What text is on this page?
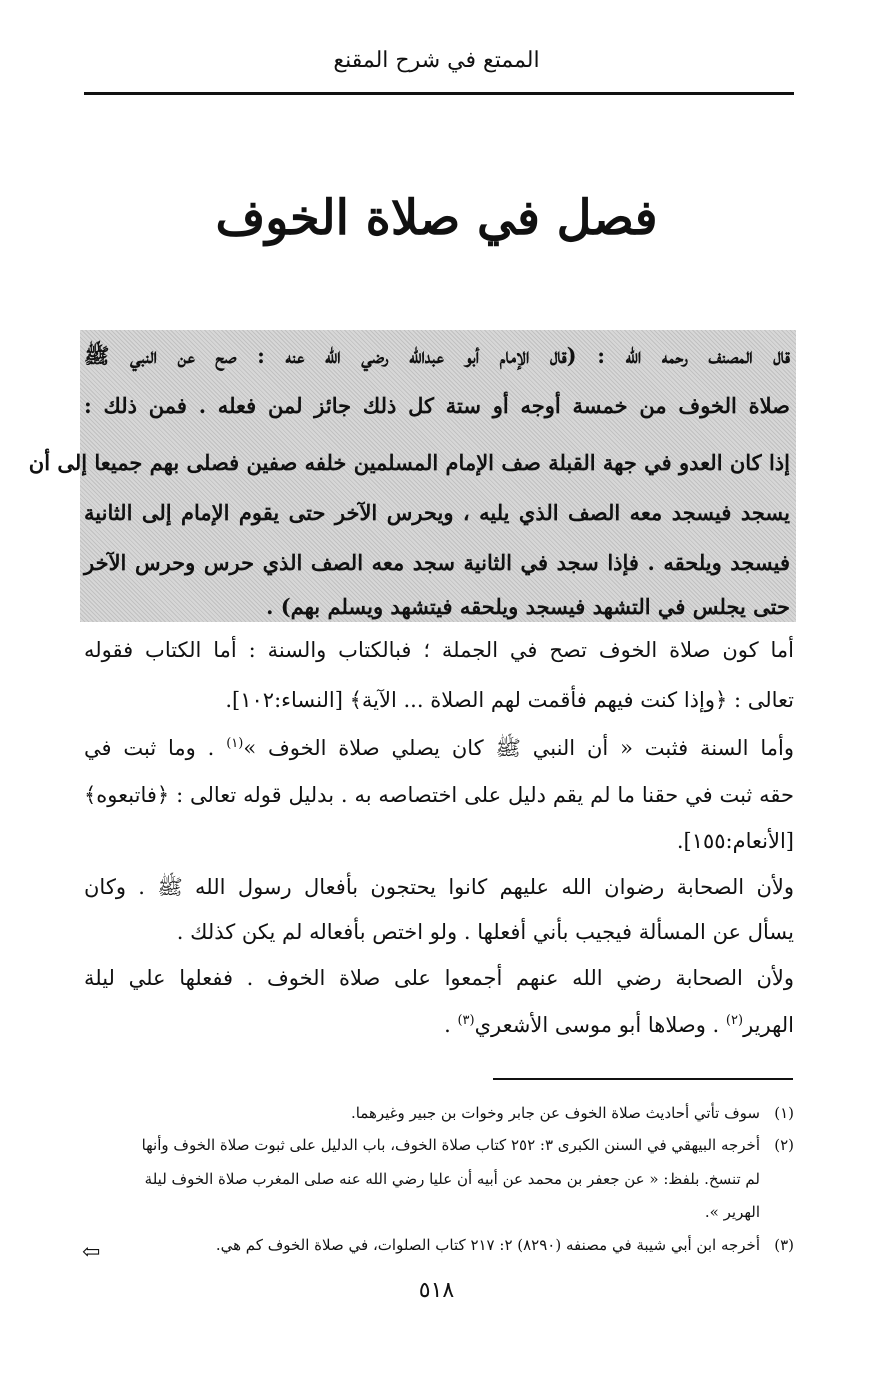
الممتع في شرح المقنع
فصل في صلاة الخوف
قال المصنف رحمه الله : (قال الإمام أبو عبدالله رضي الله عنه : صح عن النبي ﷺ
صلاة الخوف من خمسة أوجه أو ستة كل ذلك جائز لمن فعله . فمن ذلك :
إذا كان العدو في جهة القبلة صف الإمام المسلمين خلفه صفين فصلى بهم جميعا إلى أن
يسجد فيسجد معه الصف الذي يليه ، ويحرس الآخر حتى يقوم الإمام إلى الثانية
فيسجد ويلحقه . فإذا سجد في الثانية سجد معه الصف الذي حرس وحرس الآخر
حتى يجلس في التشهد فيسجد ويلحقه فيتشهد ويسلم بهم) .
أما كون صلاة الخوف تصح في الجملة ؛ فبالكتاب والسنة : أما الكتاب فقوله
تعالى : ﴿وإذا كنت فيهم فأقمت لهم الصلاة ... الآية﴾ [النساء:١٠٢].
وأما السنة فثبت « أن النبي ﷺ كان يصلي صلاة الخوف »$^{(١)}$ . وما ثبت في
حقه ثبت في حقنا ما لم يقم دليل على اختصاصه به . بدليل قوله تعالى : ﴿فاتبعوه﴾
[الأنعام:١٥٥].
ولأن الصحابة رضوان الله عليهم كانوا يحتجون بأفعال رسول الله ﷺ . وكان
يسأل عن المسألة فيجيب بأني أفعلها . ولو اختص بأفعاله لم يكن كذلك .
ولأن الصحابة رضي الله عنهم أجمعوا على صلاة الخوف . ففعلها علي ليلة
الهرير$^{(٢)}$ . وصلاها أبو موسى الأشعري$^{(٣)}$ .
(١)سوف تأتي أحاديث صلاة الخوف عن جابر وخوات بن جبير وغيرهما.
(٢)أخرجه البيهقي في السنن الكبرى ٣: ٢٥٢ كتاب صلاة الخوف، باب الدليل على ثبوت صلاة الخوف وأنها
لم تنسخ. بلفظ: « عن جعفر بن محمد عن أبيه أن عليا رضي الله عنه صلى المغرب صلاة الخوف ليلة
الهرير ».
(٣)أخرجه ابن أبي شيبة في مصنفه (٨٢٩٠) ٢: ٢١٧ كتاب الصلوات، في صلاة الخوف كم هي.
⇦
٥١٨
